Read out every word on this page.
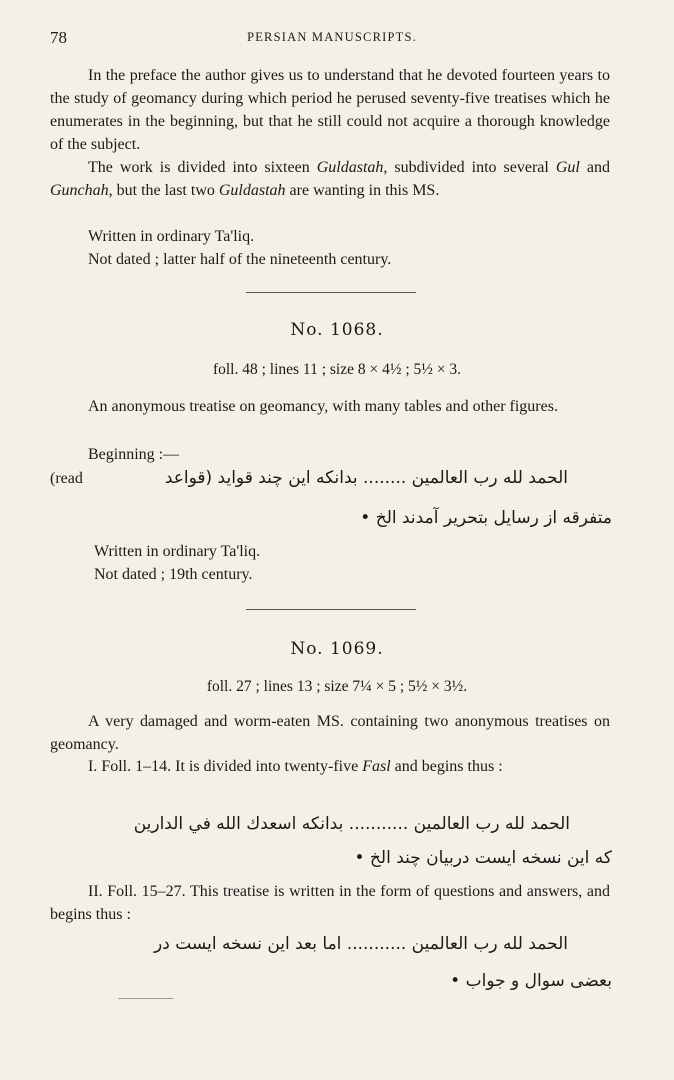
78	PERSIAN MANUSCRIPTS.

In the preface the author gives us to understand that he devoted fourteen years to the study of geomancy during which period he perused seventy-five treatises which he enumerates in the beginning, but that he still could not acquire a thorough knowledge of the subject.

The work is divided into sixteen Guldastah, subdivided into several Gul and Gunchah, but the last two Guldastah are wanting in this MS.

Written in ordinary Ta'liq.
Not dated ; latter half of the nineteenth century.
No. 1068.
foll. 48 ; lines 11 ; size 8 × 4½ ; 5½ × 3.

An anonymous treatise on geomancy, with many tables and other figures.

Beginning :—
(read	الحمد لله رب العالمين ........ بدانكه اين چند قوايد (قواعد
متفرقه از رسايل بتحرير آمدند الخ •
Written in ordinary Ta'liq.
Not dated ; 19th century.
No. 1069.
foll. 27 ; lines 13 ; size 7¼ × 5 ; 5½ × 3½.

A very damaged and worm-eaten MS. containing two anonymous treatises on geomancy.

I. Foll. 1–14. It is divided into twenty-five Fasl and begins thus :

الحمد لله رب العالمين ........... بدانكه اسعدك الله في الدارين
كه اين نسخه ايست دربيان چند الخ •

II. Foll. 15–27. This treatise is written in the form of questions and answers, and begins thus :

الحمد لله رب العالمين ........... اما بعد اين نسخه ايست در
بعضى سوال و جواب •
